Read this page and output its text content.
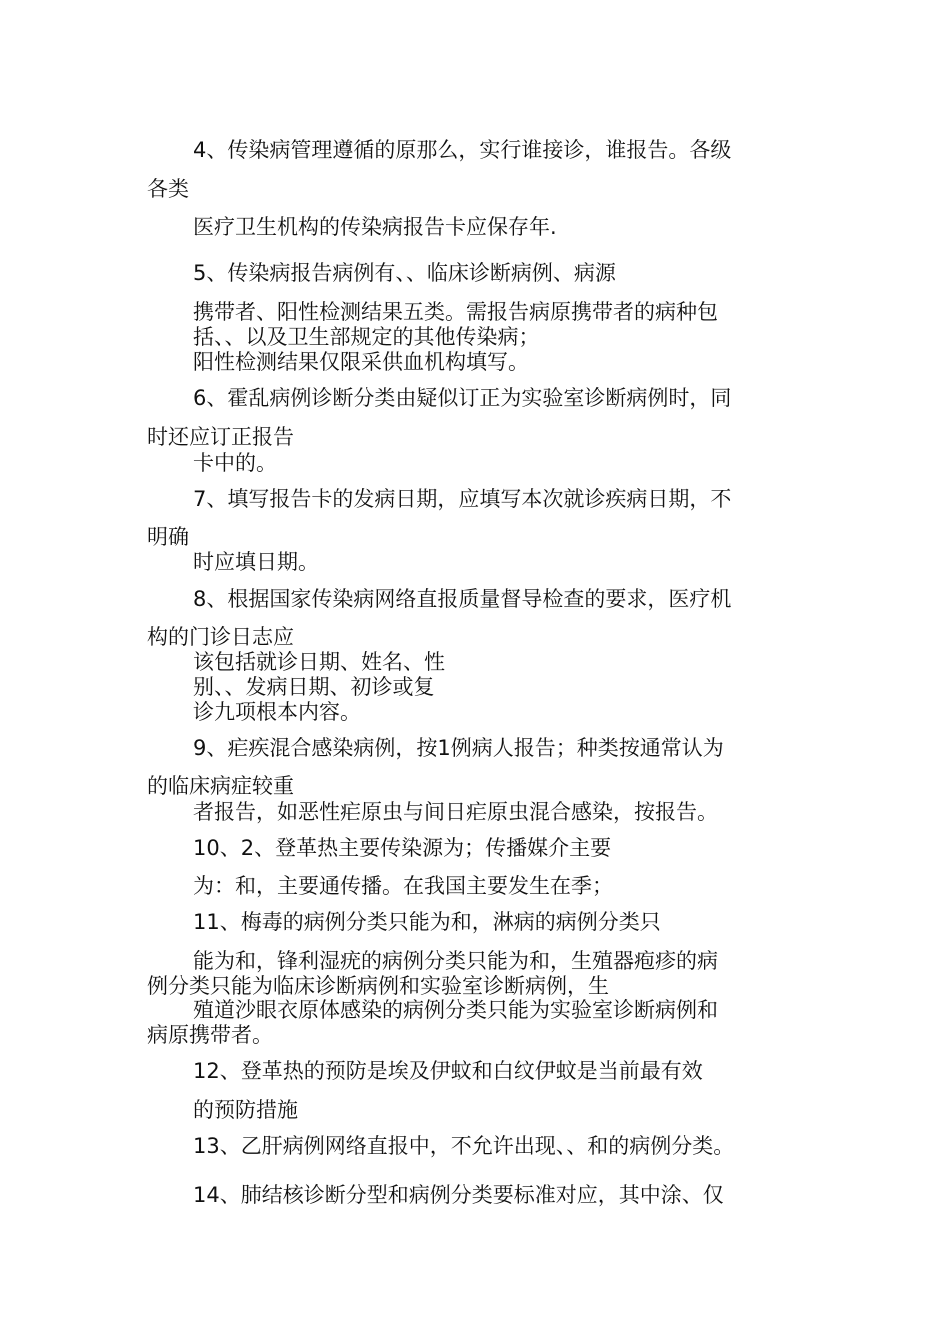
4、传染病管理遵循的原那么，实行谁接诊，谁报告。各级
各类
医疗卫生机构的传染病报告卡应保存年.
5、传染病报告病例有、、临床诊断病例、病源
携带者、阳性检测结果五类。需报告病原携带者的病种包
括、、以及卫生部规定的其他传染病；
阳性检测结果仅限采供血机构填写。
6、霍乱病例诊断分类由疑似订正为实验室诊断病例时，同
时还应订正报告
卡中的。
7、填写报告卡的发病日期，应填写本次就诊疾病日期，不
明确
时应填日期。
8、根据国家传染病网络直报质量督导检查的要求，医疗机
构的门诊日志应
该包括就诊日期、姓名、性
别、、发病日期、初诊或复
诊九项根本内容。
9、疟疾混合感染病例，按1例病人报告；种类按通常认为
的临床病症较重
者报告，如恶性疟原虫与间日疟原虫混合感染，按报告。
10、2、登革热主要传染源为；传播媒介主要
为：和，主要通传播。在我国主要发生在季；
11、梅毒的病例分类只能为和，淋病的病例分类只
能为和，锋利湿疣的病例分类只能为和，生殖器疱疹的病
例分类只能为临床诊断病例和实验室诊断病例，生
殖道沙眼衣原体感染的病例分类只能为实验室诊断病例和
病原携带者。
12、登革热的预防是埃及伊蚊和白纹伊蚊是当前最有效
的预防措施
13、乙肝病例网络直报中，不允许出现、、和的病例分类。
14、肺结核诊断分型和病例分类要标准对应，其中涂、仅
